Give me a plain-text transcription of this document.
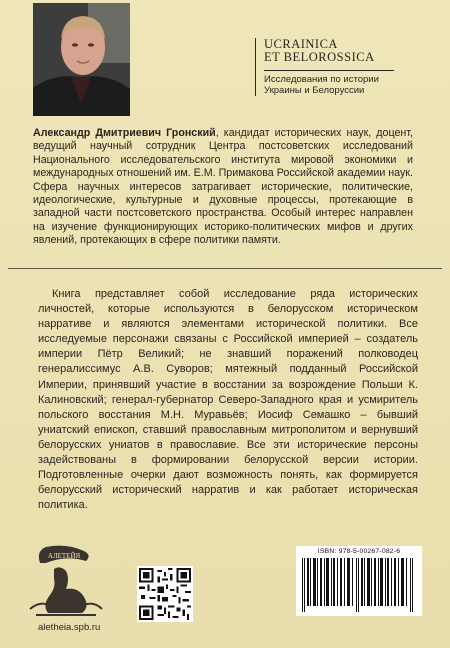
UCRAINICA
ET BELOROSSICA
Исследования по истории
Украины и Белоруссии
Александр Дмитриевич Гронский, кандидат исторических наук, доцент, ведущий научный сотрудник Центра постсоветских исследований Национального исследовательского института мировой экономики и международных отношений им. Е.М. Примакова Российской академии наук. Сфера научных интересов затрагивает исторические, политические, идеологические, культурные и духовные процессы, протекающие в западной части постсоветского пространства. Особый интерес направлен на изучение функционирующих историко-политических мифов и других явлений, протекающих в сфере политики памяти.
Книга представляет собой исследование ряда исторических личностей, которые используются в белорусском историческом нарративе и являются элементами исторической политики. Все исследуемые персонажи связаны с Российской империей – создатель империи Пётр Великий; не знавший поражений полководец генералиссимус А.В. Суворов; мятежный подданный Российской Империи, принявший участие в восстании за возрождение Польши К. Калиновский; генерал-губернатор Северо-Западного края и усмиритель польского восстания М.Н. Муравьёв; Иосиф Семашко – бывший униатский епископ, ставший православным митрополитом и вернувший белорусских униатов в православие. Все эти исторические персоны задействованы в формировании белорусской версии истории. Подготовленные очерки дают возможность понять, как формируется белорусский исторический нарратив и как работает историческая политика.
АЛЕТЕЙЯ
aletheia.spb.ru
ISBN: 978-5-00267-082-6
